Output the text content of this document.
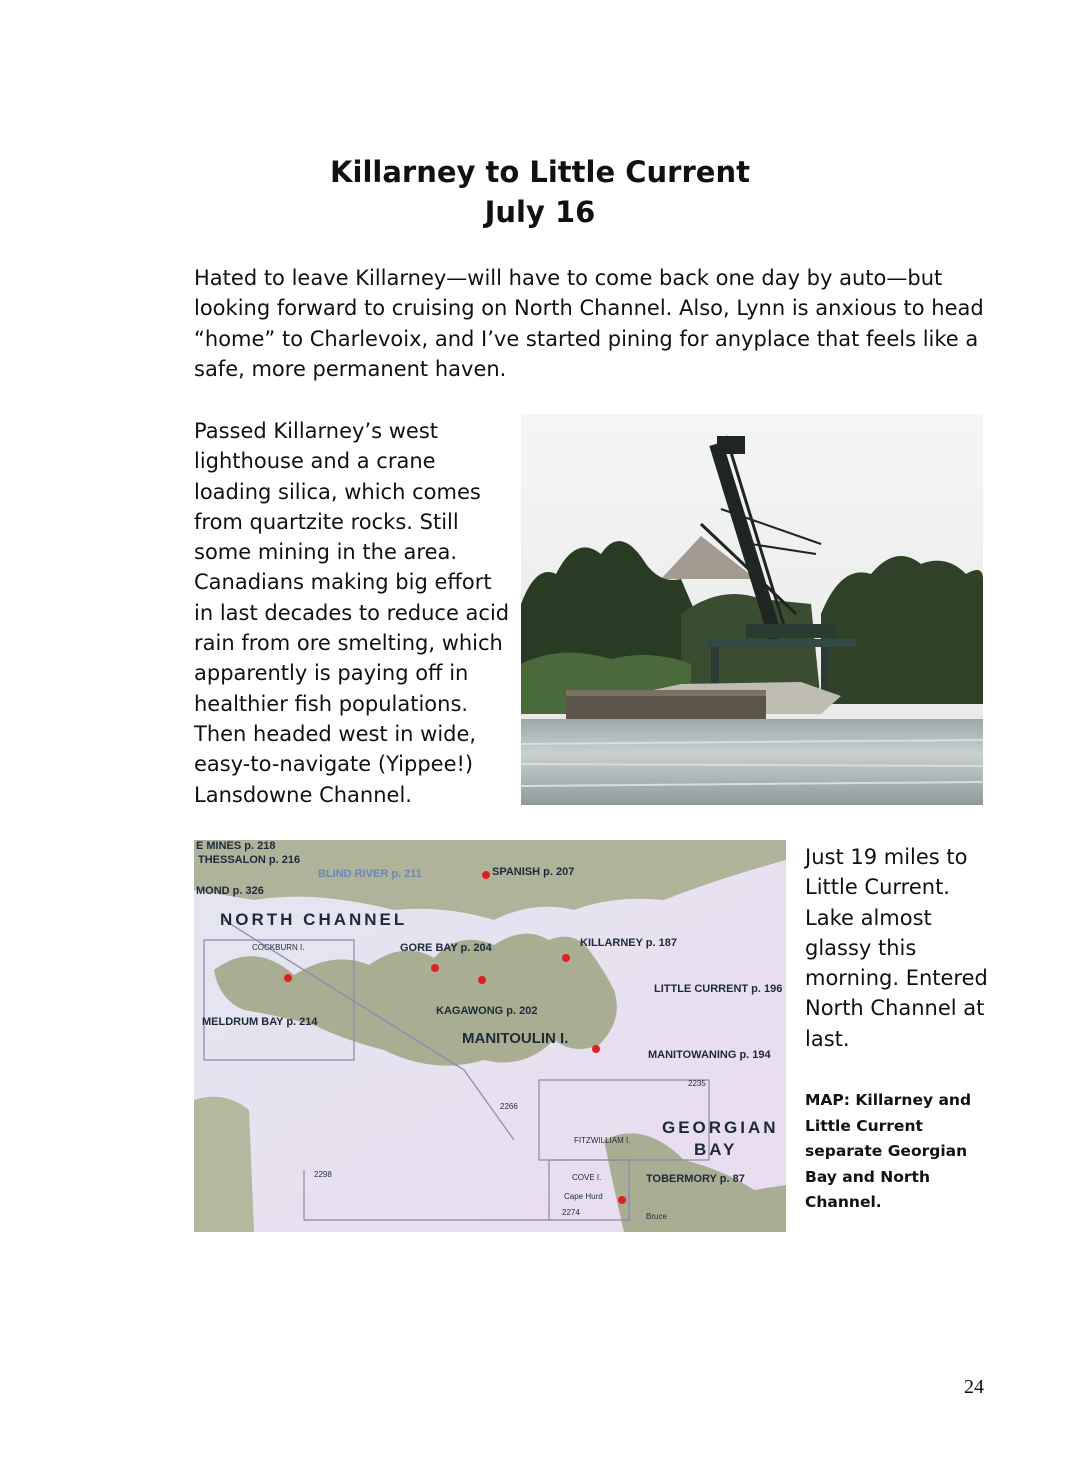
Killarney to Little Current
July 16

Hated to leave Killarney—will have to come back one day by auto—but looking forward to cruising on North Channel. Also, Lynn is anxious to head “home” to Charlevoix, and I’ve started pining for anyplace that feels like a safe, more permanent haven.

Passed Killarney’s west lighthouse and a crane loading silica, which comes from quartzite rocks. Still some mining in the area. Canadians making big effort in last decades to reduce acid rain from ore smelting, which apparently is paying off in healthier fish populations. Then headed west in wide, easy-to-navigate (Yippee!) Lansdowne Channel.

E MINES p. 218
THESSALON p. 216
BLIND RIVER p. 211	SPANISH p. 207
MOND p. 326
NORTH CHANNEL
COCKBURN I.	GORE BAY p. 204	KILLARNEY p. 187
LITTLE CURRENT p. 196
KAGAWONG p. 202
MELDRUM BAY p. 214
MANITOULIN I.
MANITOWANING p. 194
2235
2266
GEORGIAN
BAY
FITZWILLIAM I.
2298	COVE I.	TOBERMORY p. 87
Cape Hurd
2274	Bruce

Just 19 miles to Little Current. Lake almost glassy this morning. Entered North Channel at last.

MAP: Killarney and Little Current separate Georgian Bay and North Channel.
24
